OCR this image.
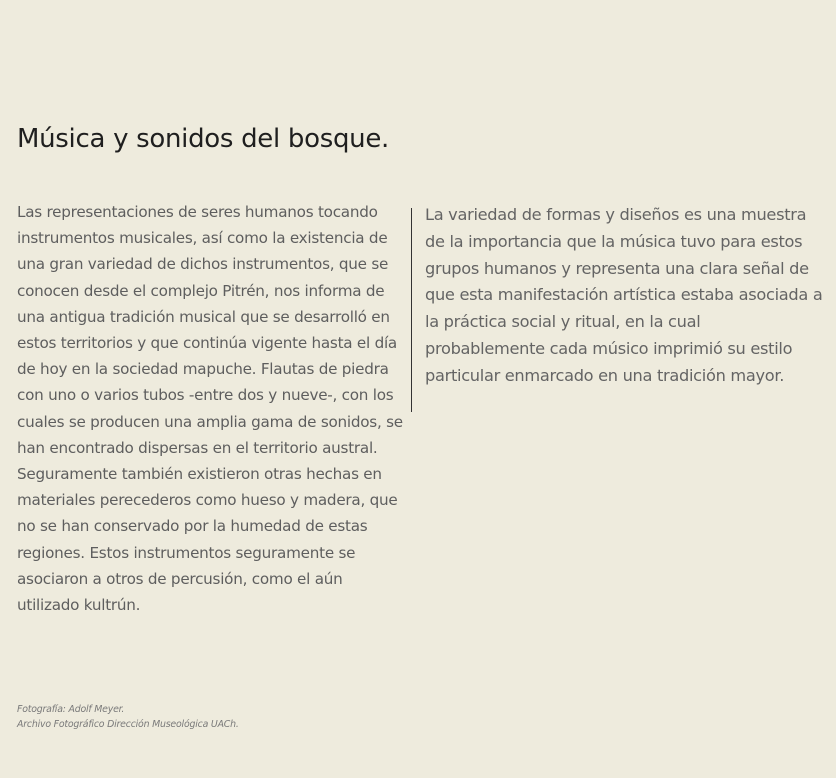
Música y sonidos del bosque.

Las representaciones de seres humanos tocando instrumentos musicales, así como la existencia de una gran variedad de dichos instrumentos, que se conocen desde el complejo Pitrén, nos informa de una antigua tradición musical que se desarrolló en estos territorios y que continúa vigente hasta el día de hoy en la sociedad mapuche. Flautas de piedra con uno o varios tubos -entre dos y nueve-, con los cuales se producen una amplia gama de sonidos, se han encontrado dispersas en el territorio austral. Seguramente también existieron otras hechas en materiales perecederos como hueso y madera, que no se han conservado por la humedad de estas regiones. Estos instrumentos seguramente se asociaron a otros de percusión, como el aún utilizado kultrún.

La variedad de formas y diseños es una muestra de la importancia que la música tuvo para estos grupos humanos y representa una clara señal de que esta manifestación artística estaba asociada a la práctica social y ritual, en la cual probablemente cada músico imprimió su estilo particular enmarcado en una tradición mayor.

Fotografía: Adolf Meyer.
Archivo Fotográfico Dirección Museológica UACh.
